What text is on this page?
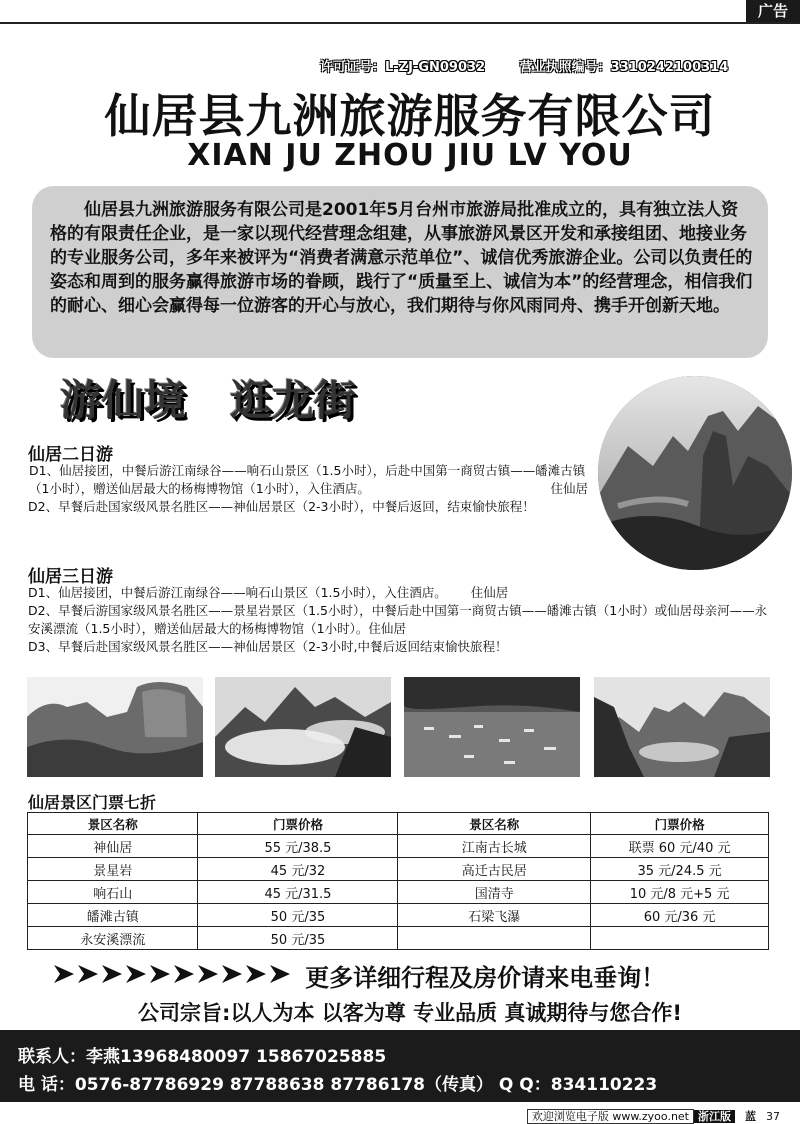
广告
许可证号：L-ZJ-GN09032	营业执照编号：3310242100314
仙居县九洲旅游服务有限公司
XIAN JU ZHOU JIU LV YOU
仙居县九洲旅游服务有限公司是2001年5月台州市旅游局批准成立的，具有独立法人资格的有限责任企业，是一家以现代经营理念组建，从事旅游风景区开发和承接组团、地接业务的专业服务公司，多年来被评为“消费者满意示范单位”、诚信优秀旅游企业。公司以负责任的姿态和周到的服务赢得旅游市场的眷顾，践行了“质量至上、诚信为本”的经营理念，相信我们的耐心、细心会赢得每一位游客的开心与放心，我们期待与你风雨同舟、携手开创新天地。
游仙境   逛龙街
仙居二日游
D1、仙居接团，中餐后游江南绿谷——响石山景区（1.5小时），后赴中国第一商贸古镇——皤滩古镇（1小时），赠送仙居最大的杨梅博物馆（1小时），入住酒店。	住仙居
D2、早餐后赴国家级风景名胜区——神仙居景区（2-3小时），中餐后返回，结束愉快旅程！
仙居三日游
D1、仙居接团，中餐后游江南绿谷——响石山景区（1.5小时），入住酒店。 住仙居
D2、早餐后游国家级风景名胜区——景星岩景区（1.5小时），中餐后赴中国第一商贸古镇——皤滩古镇（1小时）或仙居母亲河——永安溪漂流（1.5小时），赠送仙居最大的杨梅博物馆（1小时）。住仙居
D3、早餐后赴国家级风景名胜区——神仙居景区（2-3小时,中餐后返回结束愉快旅程！
仙居景区门票七折
景区名称	门票价格	景区名称	门票价格
神仙居	55 元/38.5	江南古长城	联票 60 元/40 元
景星岩	45 元/32	高迁古民居	35 元/24.5 元
响石山	45 元/31.5	国清寺	10 元/8 元+5 元
皤滩古镇	50 元/35	石梁飞瀑	60 元/36 元
永安溪漂流	50 元/35		
更多详细行程及房价请来电垂询！
公司宗旨:以人为本 以客为尊 专业品质 真诚期待与您合作!
联系人：李燕13968480097 15867025885
电 话：0576-87786929 87788638 87786178（传真） Q Q：834110223
欢迎浏览电子版 www.zyoo.net 浙江版 蓝 37
